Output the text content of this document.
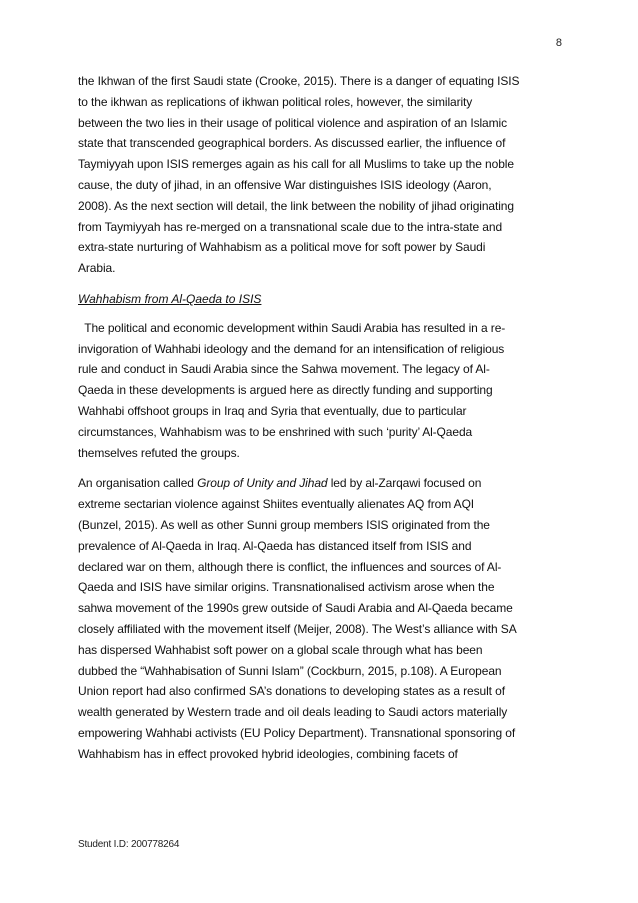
8
the Ikhwan of the first Saudi state (Crooke, 2015). There is a danger of equating ISIS
to the ikhwan as replications of ikhwan political roles, however, the similarity
between the two lies in their usage of political violence and aspiration of an Islamic
state that transcended geographical borders. As discussed earlier, the influence of
Taymiyyah upon ISIS remerges again as his call for all Muslims to take up the noble
cause, the duty of jihad, in an offensive War distinguishes ISIS ideology (Aaron,
2008). As the next section will detail, the link between the nobility of jihad originating
from Taymiyyah has re-merged on a transnational scale due to the intra-state and
extra-state nurturing of Wahhabism as a political move for soft power by Saudi
Arabia.
Wahhabism from Al-Qaeda to ISIS
The political and economic development within Saudi Arabia has resulted in a re-
invigoration of Wahhabi ideology and the demand for an intensification of religious
rule and conduct in Saudi Arabia since the Sahwa movement. The legacy of Al-
Qaeda in these developments is argued here as directly funding and supporting
Wahhabi offshoot groups in Iraq and Syria that eventually, due to particular
circumstances, Wahhabism was to be enshrined with such ‘purity’ Al-Qaeda
themselves refuted the groups.
An organisation called Group of Unity and Jihad led by al-Zarqawi focused on
extreme sectarian violence against Shiites eventually alienates AQ from AQI
(Bunzel, 2015). As well as other Sunni group members ISIS originated from the
prevalence of Al-Qaeda in Iraq. Al-Qaeda has distanced itself from ISIS and
declared war on them, although there is conflict, the influences and sources of Al-
Qaeda and ISIS have similar origins. Transnationalised activism arose when the
sahwa movement of the 1990s grew outside of Saudi Arabia and Al-Qaeda became
closely affiliated with the movement itself (Meijer, 2008). The West’s alliance with SA
has dispersed Wahhabist soft power on a global scale through what has been
dubbed the “Wahhabisation of Sunni Islam” (Cockburn, 2015, p.108). A European
Union report had also confirmed SA’s donations to developing states as a result of
wealth generated by Western trade and oil deals leading to Saudi actors materially
empowering Wahhabi activists (EU Policy Department). Transnational sponsoring of
Wahhabism has in effect provoked hybrid ideologies, combining facets of
Student I.D: 200778264
